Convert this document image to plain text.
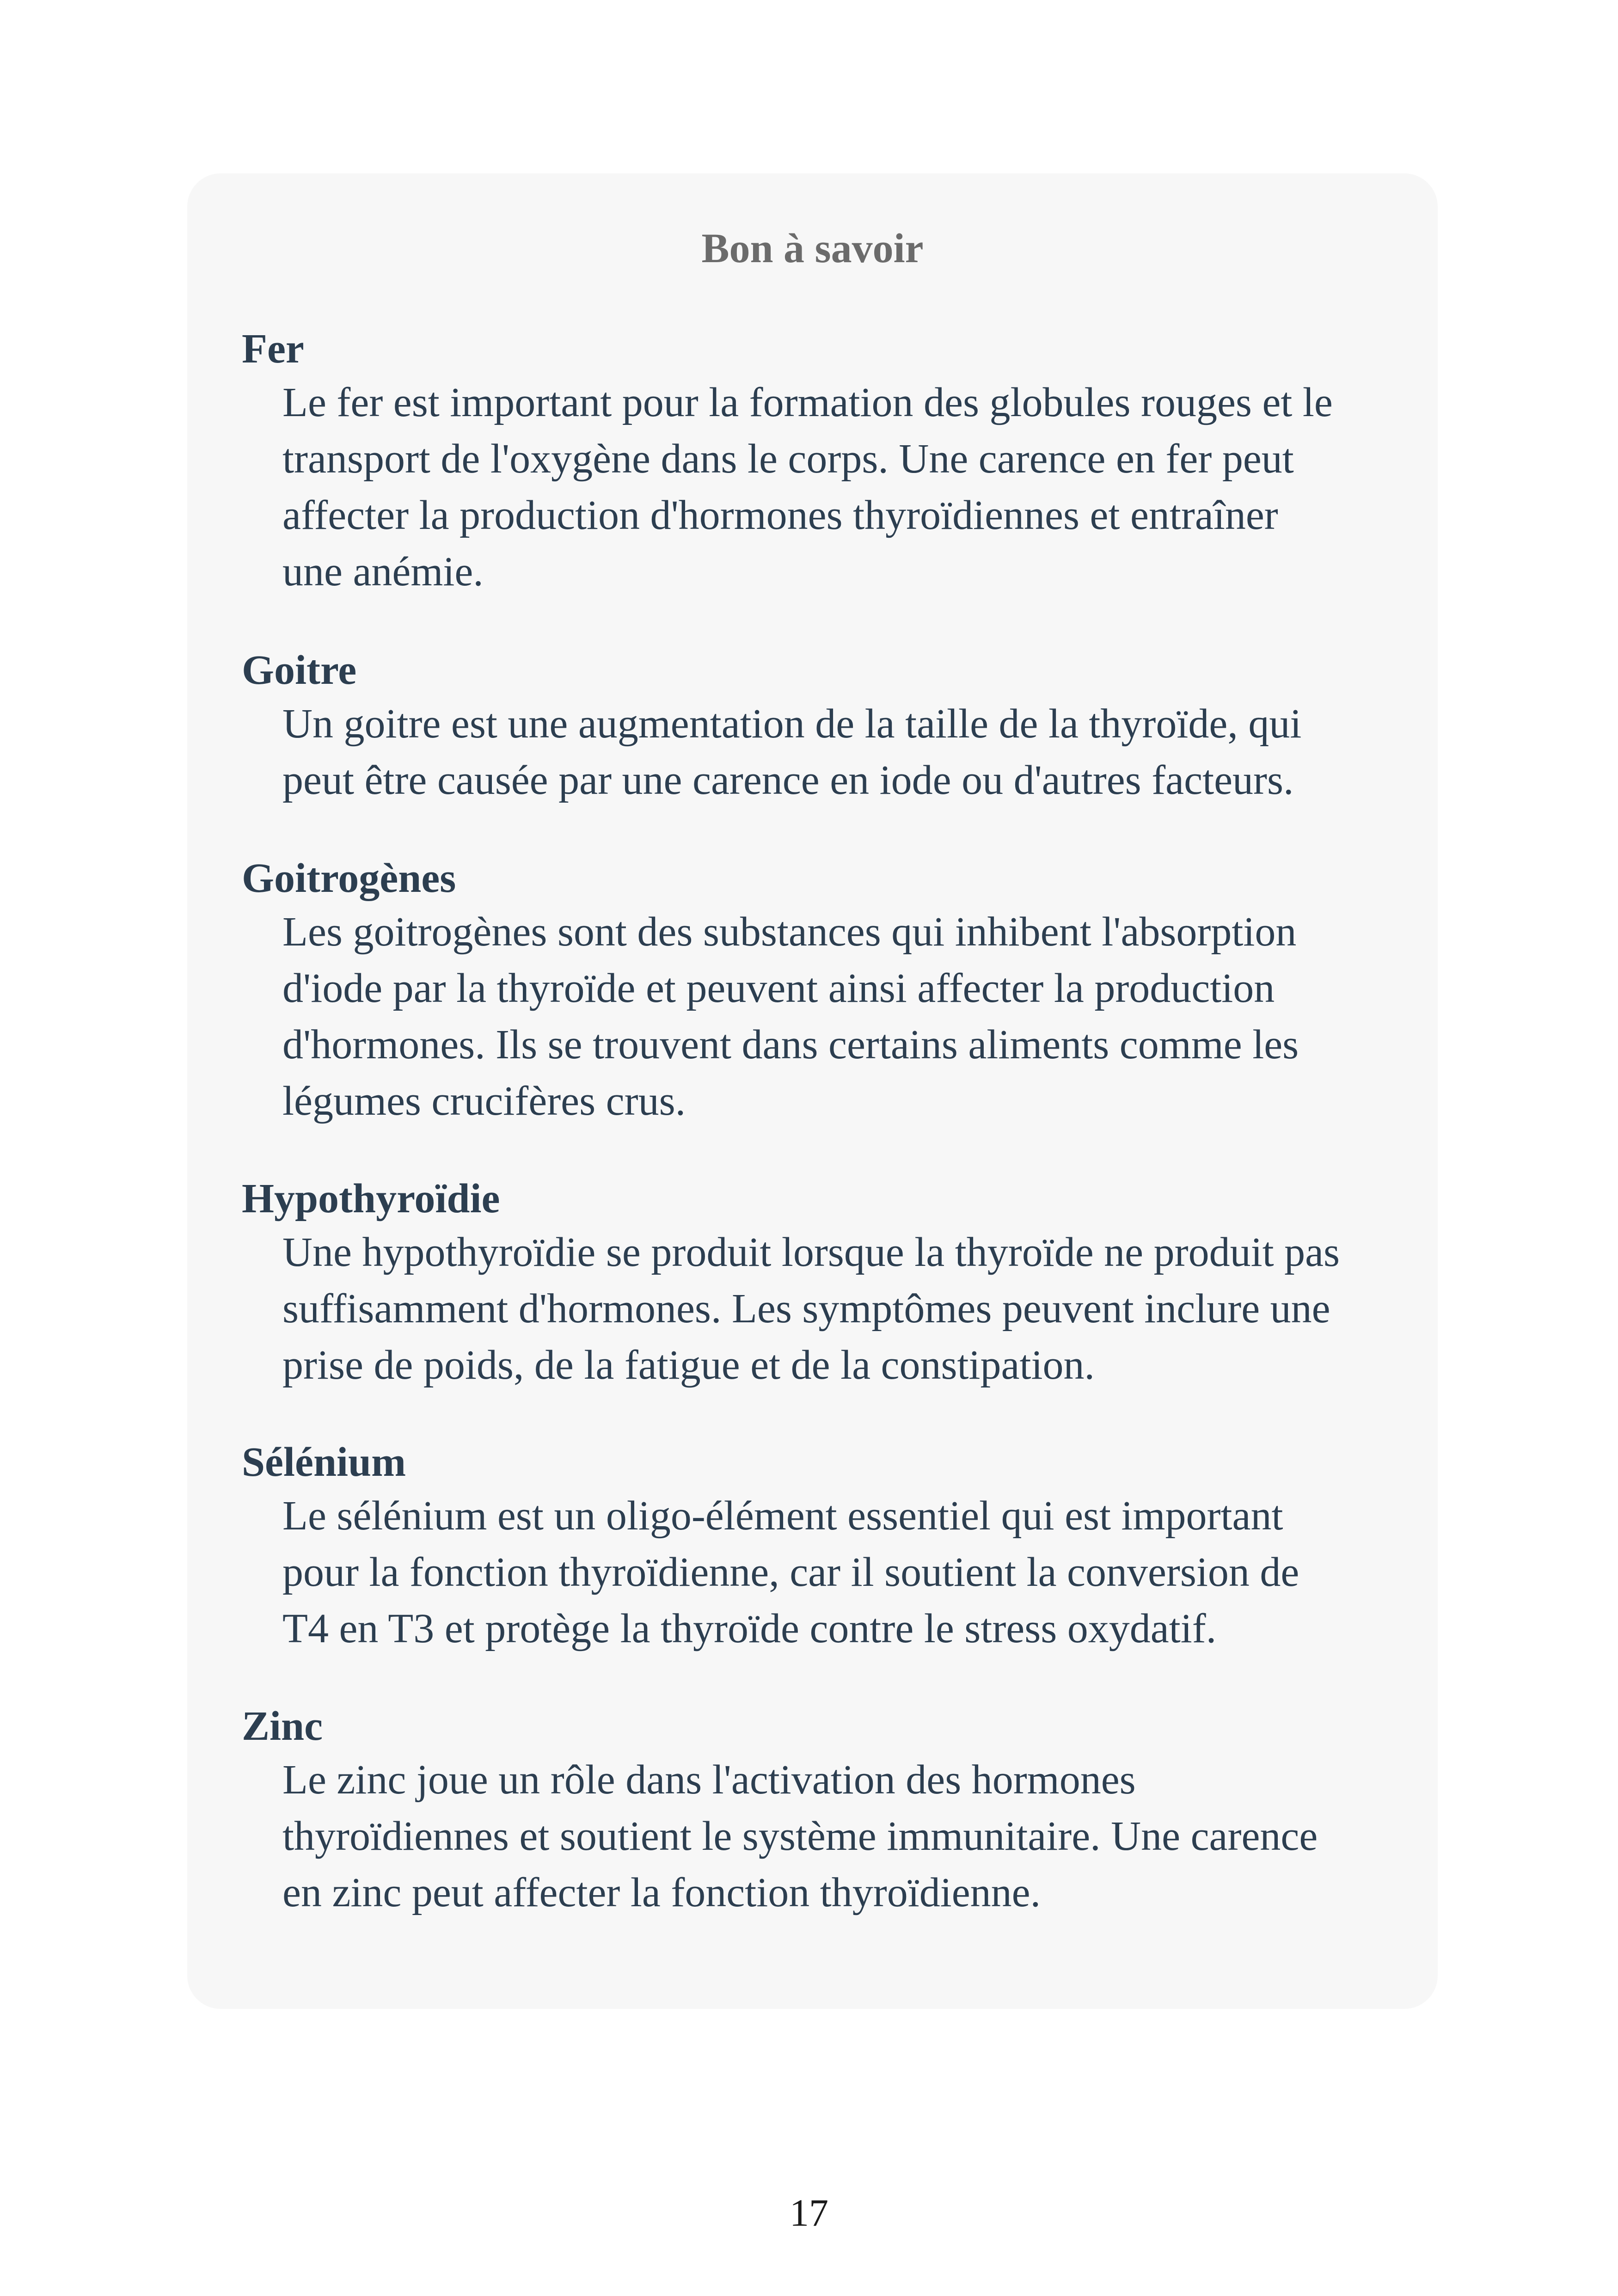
Bon à savoir

Fer

Le fer est important pour la formation des globules rouges et le
transport de l'oxygène dans le corps. Une carence en fer peut
affecter la production d'hormones thyroïdiennes et entraîner
une anémie.

Goitre

Un goitre est une augmentation de la taille de la thyroïde, qui
peut être causée par une carence en iode ou d'autres facteurs.

Goitrogènes

Les goitrogènes sont des substances qui inhibent l'absorption
d'iode par la thyroïde et peuvent ainsi affecter la production
d'hormones. Ils se trouvent dans certains aliments comme les
légumes crucifères crus.

Hypothyroïdie

Une hypothyroïdie se produit lorsque la thyroïde ne produit pas
suffisamment d'hormones. Les symptômes peuvent inclure une
prise de poids, de la fatigue et de la constipation.

Sélénium

Le sélénium est un oligo-élément essentiel qui est important
pour la fonction thyroïdienne, car il soutient la conversion de
T4 en T3 et protège la thyroïde contre le stress oxydatif.

Zinc

Le zinc joue un rôle dans l'activation des hormones
thyroïdiennes et soutient le système immunitaire. Une carence
en zinc peut affecter la fonction thyroïdienne.

17
